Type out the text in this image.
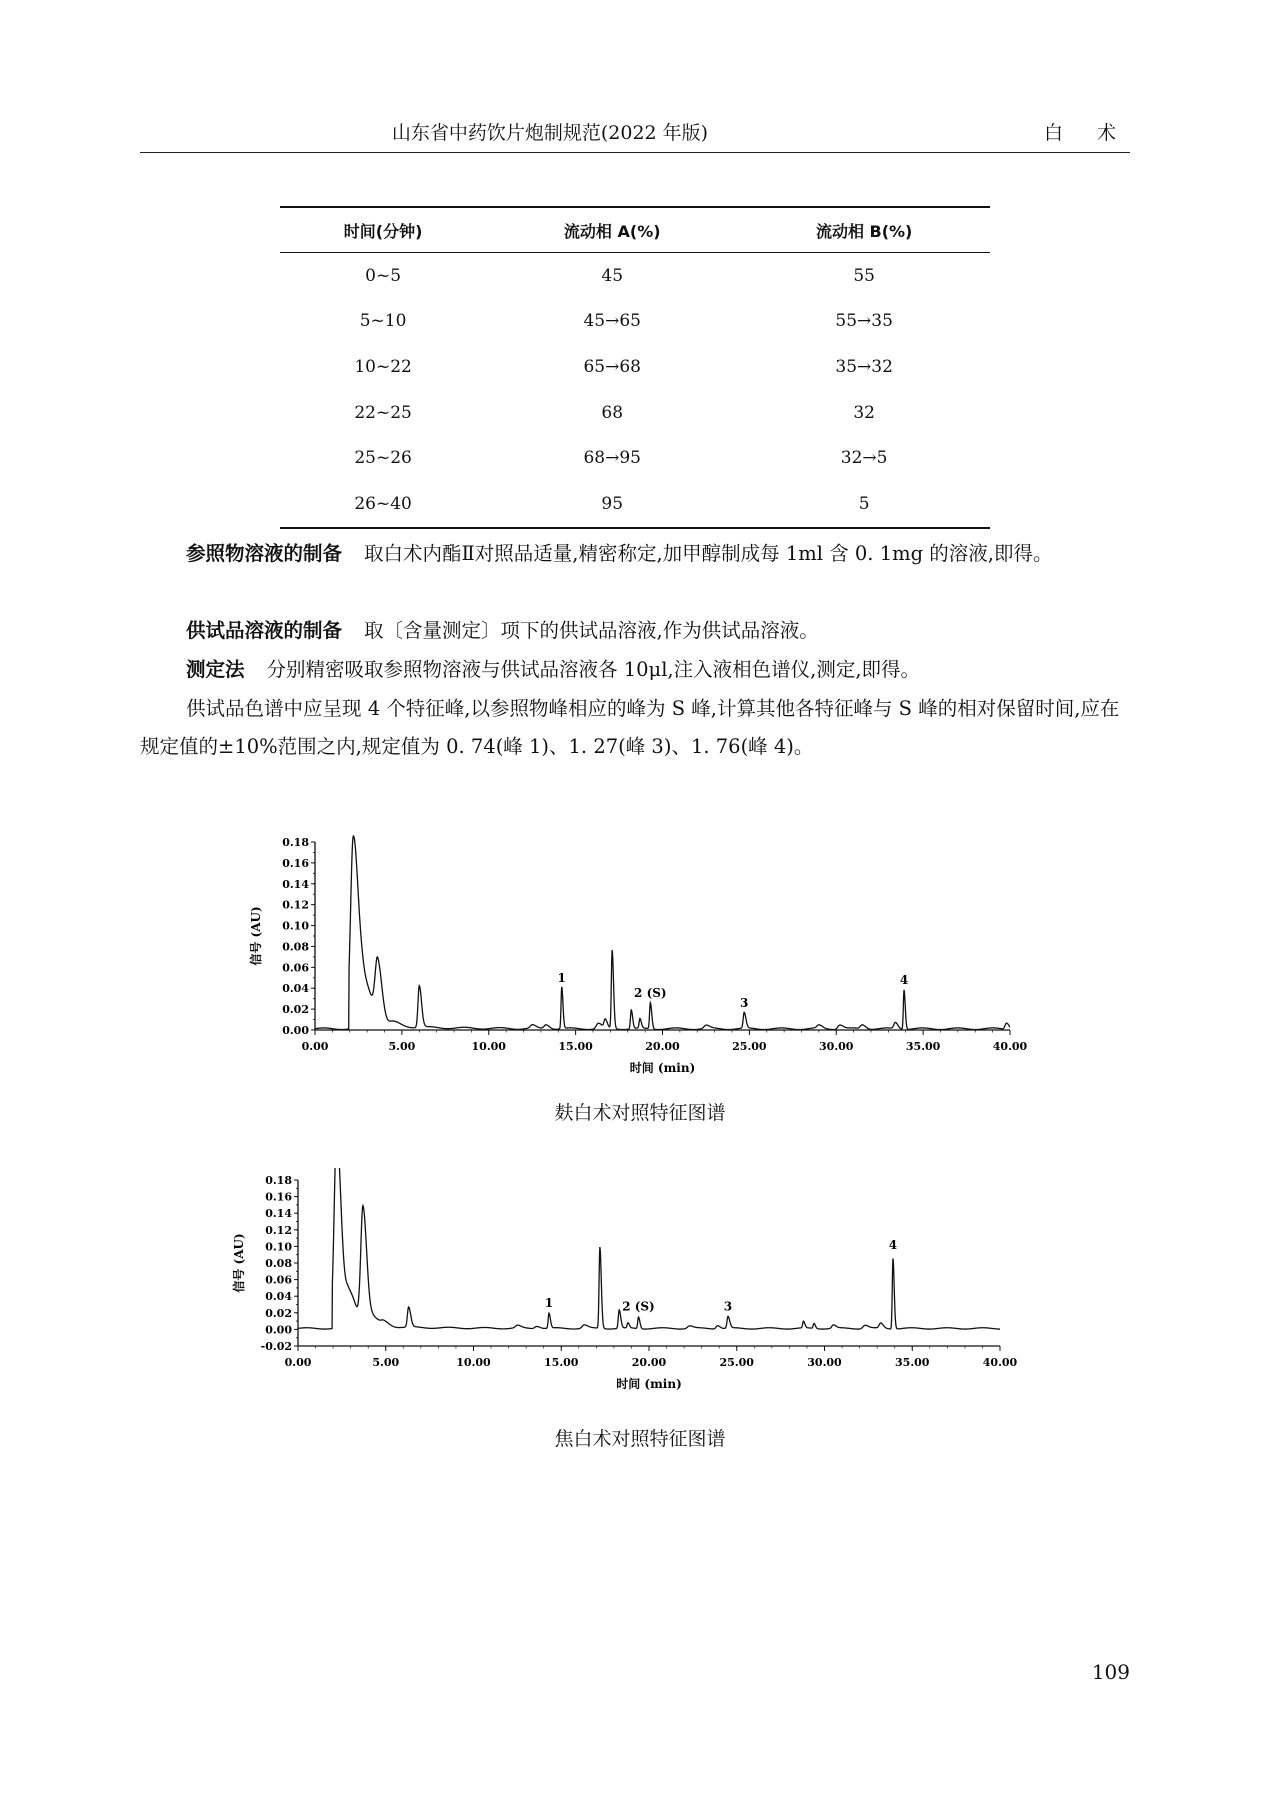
山东省中药饮片炮制规范(2022 年版)	白 术
时间(分钟)	流动相 A(%)	流动相 B(%)
0~5	45	55
5~10	45→65	55→35
10~22	65→68	35→32
22~25	68	32
25~26	68→95	32→5
26~40	95	5
参照物溶液的制备 取白术内酯Ⅱ对照品适量,精密称定,加甲醇制成每 1ml 含 0. 1mg 的溶液,即得。
供试品溶液的制备 取〔含量测定〕项下的供试品溶液,作为供试品溶液。
测定法 分别精密吸取参照物溶液与供试品溶液各 10μl,注入液相色谱仪,测定,即得。
供试品色谱中应呈现 4 个特征峰,以参照物峰相应的峰为 S 峰,计算其他各特征峰与 S 峰的相对保留时间,应在规定值的±10%范围之内,规定值为 0. 74(峰 1)、1. 27(峰 3)、1. 76(峰 4)。
0.00
0.02
0.04
0.06
0.08
0.10
0.12
0.14
0.16
0.18
0.00	5.00	10.00	15.00	20.00	25.00	30.00	35.00	40.00
时间 (min)
信号 (AU)
1
2 (S)
3
4
麸白术对照特征图谱
-0.02
0.00
0.02
0.04
0.06
0.08
0.10
0.12
0.14
0.16
0.18
0.00	5.00	10.00	15.00	20.00	25.00	30.00	35.00	40.00
时间 (min)
信号 (AU)
1	2 (S)	3
4
焦白术对照特征图谱
109
